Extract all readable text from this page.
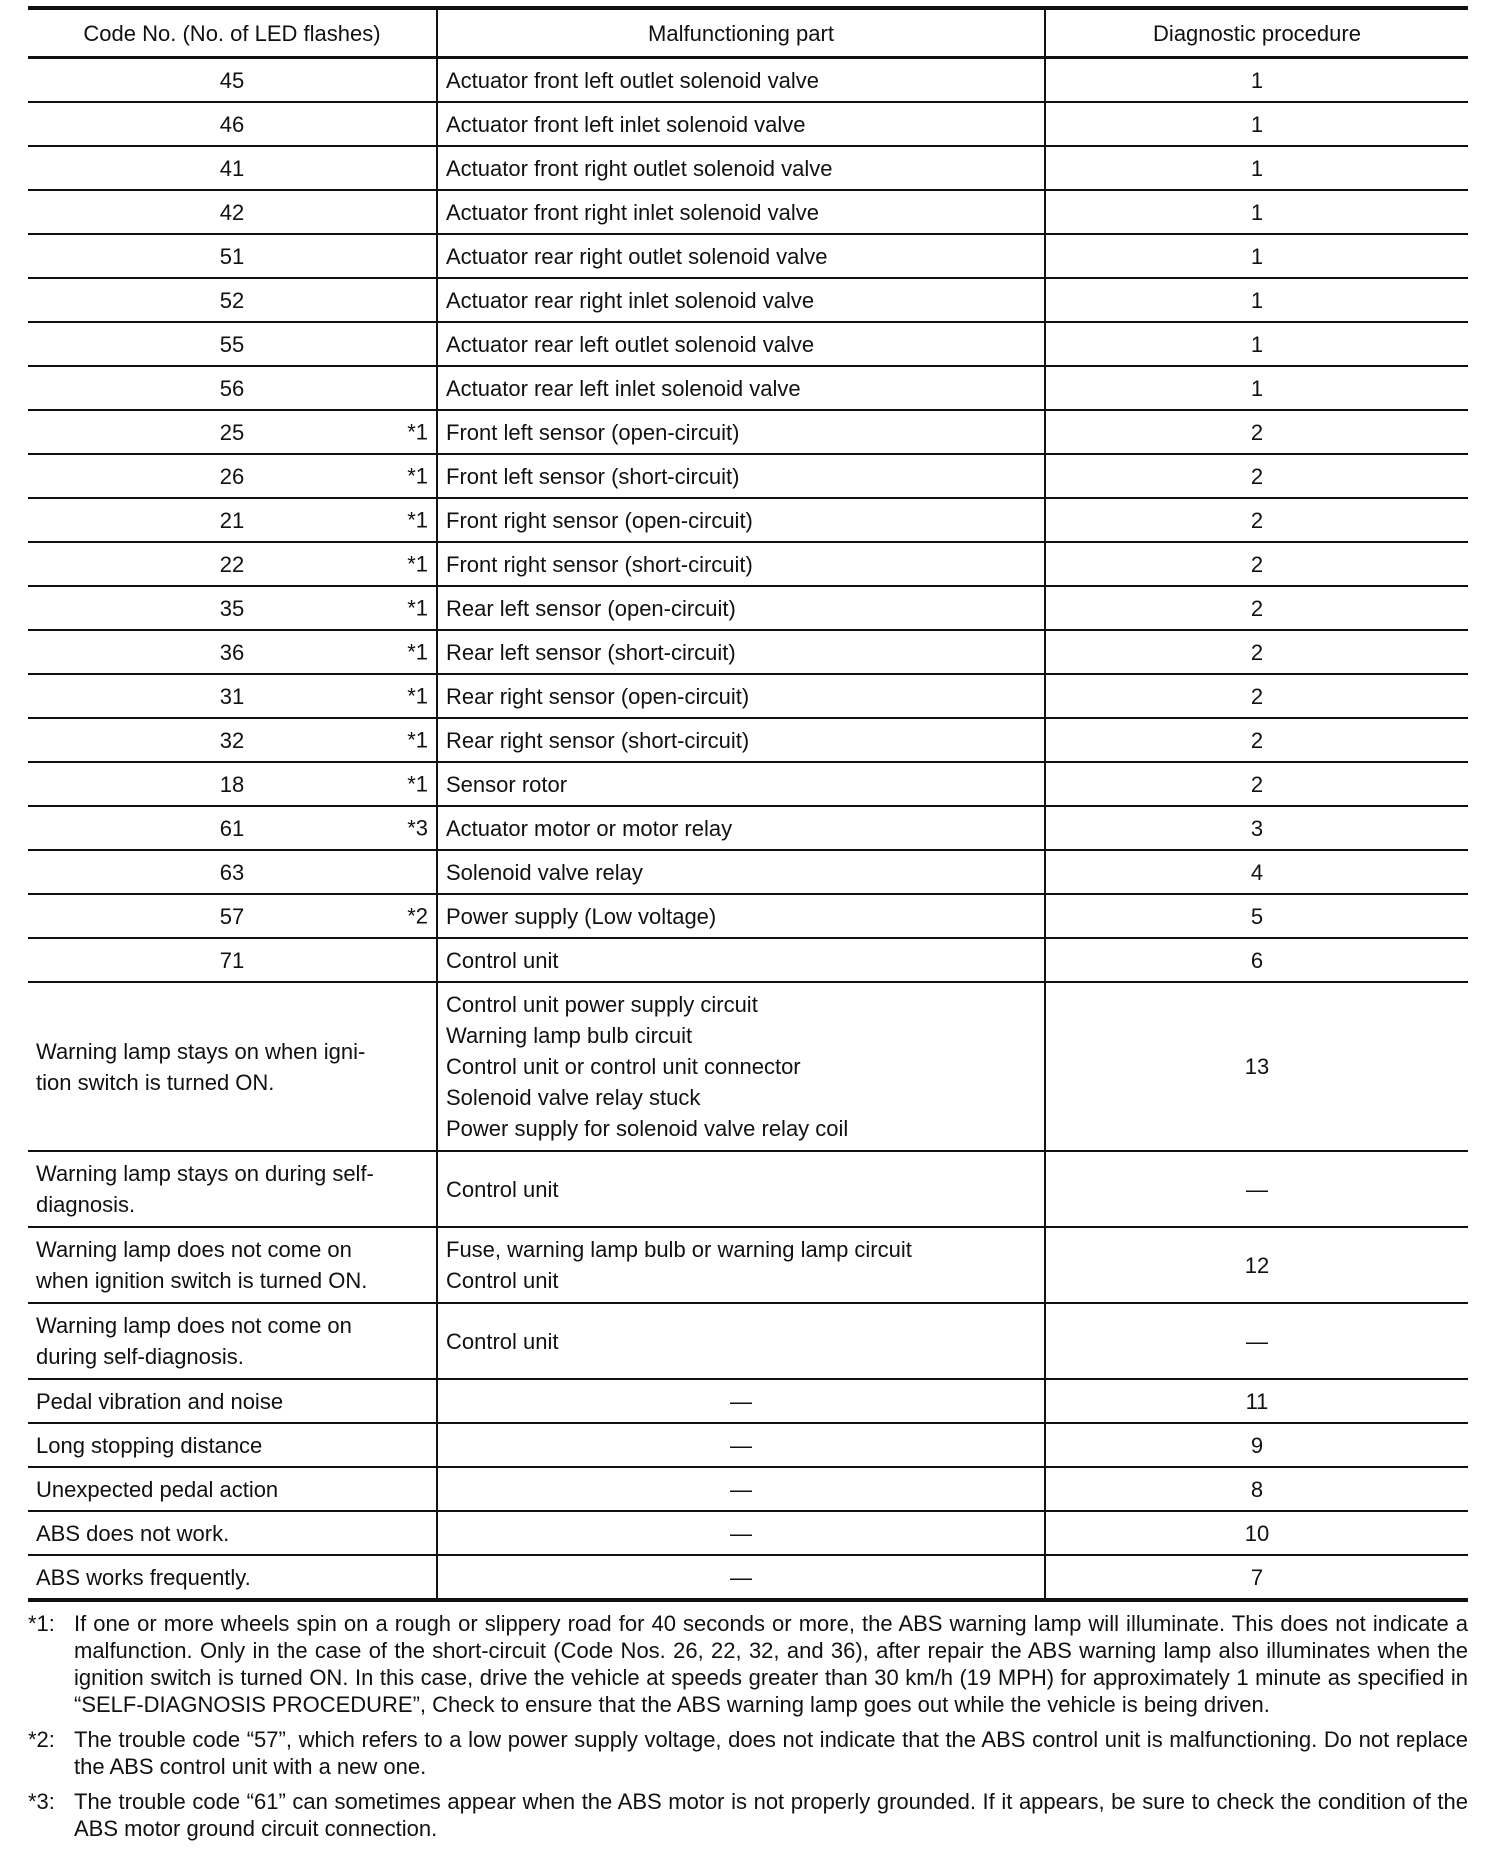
Code No. (No. of LED flashes)	Malfunctioning part	Diagnostic procedure
45	Actuator front left outlet solenoid valve	1
46	Actuator front left inlet solenoid valve	1
41	Actuator front right outlet solenoid valve	1
42	Actuator front right inlet solenoid valve	1
51	Actuator rear right outlet solenoid valve	1
52	Actuator rear right inlet solenoid valve	1
55	Actuator rear left outlet solenoid valve	1
56	Actuator rear left inlet solenoid valve	1
25 *1	Front left sensor (open-circuit)	2
26 *1	Front left sensor (short-circuit)	2
21 *1	Front right sensor (open-circuit)	2
22 *1	Front right sensor (short-circuit)	2
35 *1	Rear left sensor (open-circuit)	2
36 *1	Rear left sensor (short-circuit)	2
31 *1	Rear right sensor (open-circuit)	2
32 *1	Rear right sensor (short-circuit)	2
18 *1	Sensor rotor	2
61 *3	Actuator motor or motor relay	3
63	Solenoid valve relay	4
57 *2	Power supply (Low voltage)	5
71	Control unit	6

Warning lamp stays on when igni-
tion switch is turned ON.	Control unit power supply circuit
Warning lamp bulb circuit
Control unit or control unit connector
Solenoid valve relay stuck
Power supply for solenoid valve relay coil	13

Warning lamp stays on during self-
diagnosis.	Control unit	—

Warning lamp does not come on
when ignition switch is turned ON.	Fuse, warning lamp bulb or warning lamp circuit
Control unit	12

Warning lamp does not come on
during self-diagnosis.	Control unit	—
Pedal vibration and noise	—	11
Long stopping distance	—	9
Unexpected pedal action	—	8
ABS does not work.	—	10
ABS works frequently.	—	7
*1: If one or more wheels spin on a rough or slippery road for 40 seconds or more, the ABS warning lamp will illuminate. This does not indicate a malfunction. Only in the case of the short-circuit (Code Nos. 26, 22, 32, and 36), after repair the ABS warning lamp also illuminates when the ignition switch is turned ON. In this case, drive the vehicle at speeds greater than 30 km/h (19 MPH) for approximately 1 minute as specified in “SELF-DIAGNOSIS PROCEDURE”, Check to ensure that the ABS warning lamp goes out while the vehicle is being driven.
*2: The trouble code “57”, which refers to a low power supply voltage, does not indicate that the ABS control unit is malfunctioning. Do not replace the ABS control unit with a new one.
*3: The trouble code “61” can sometimes appear when the ABS motor is not properly grounded. If it appears, be sure to check the condition of the ABS motor ground circuit connection.
